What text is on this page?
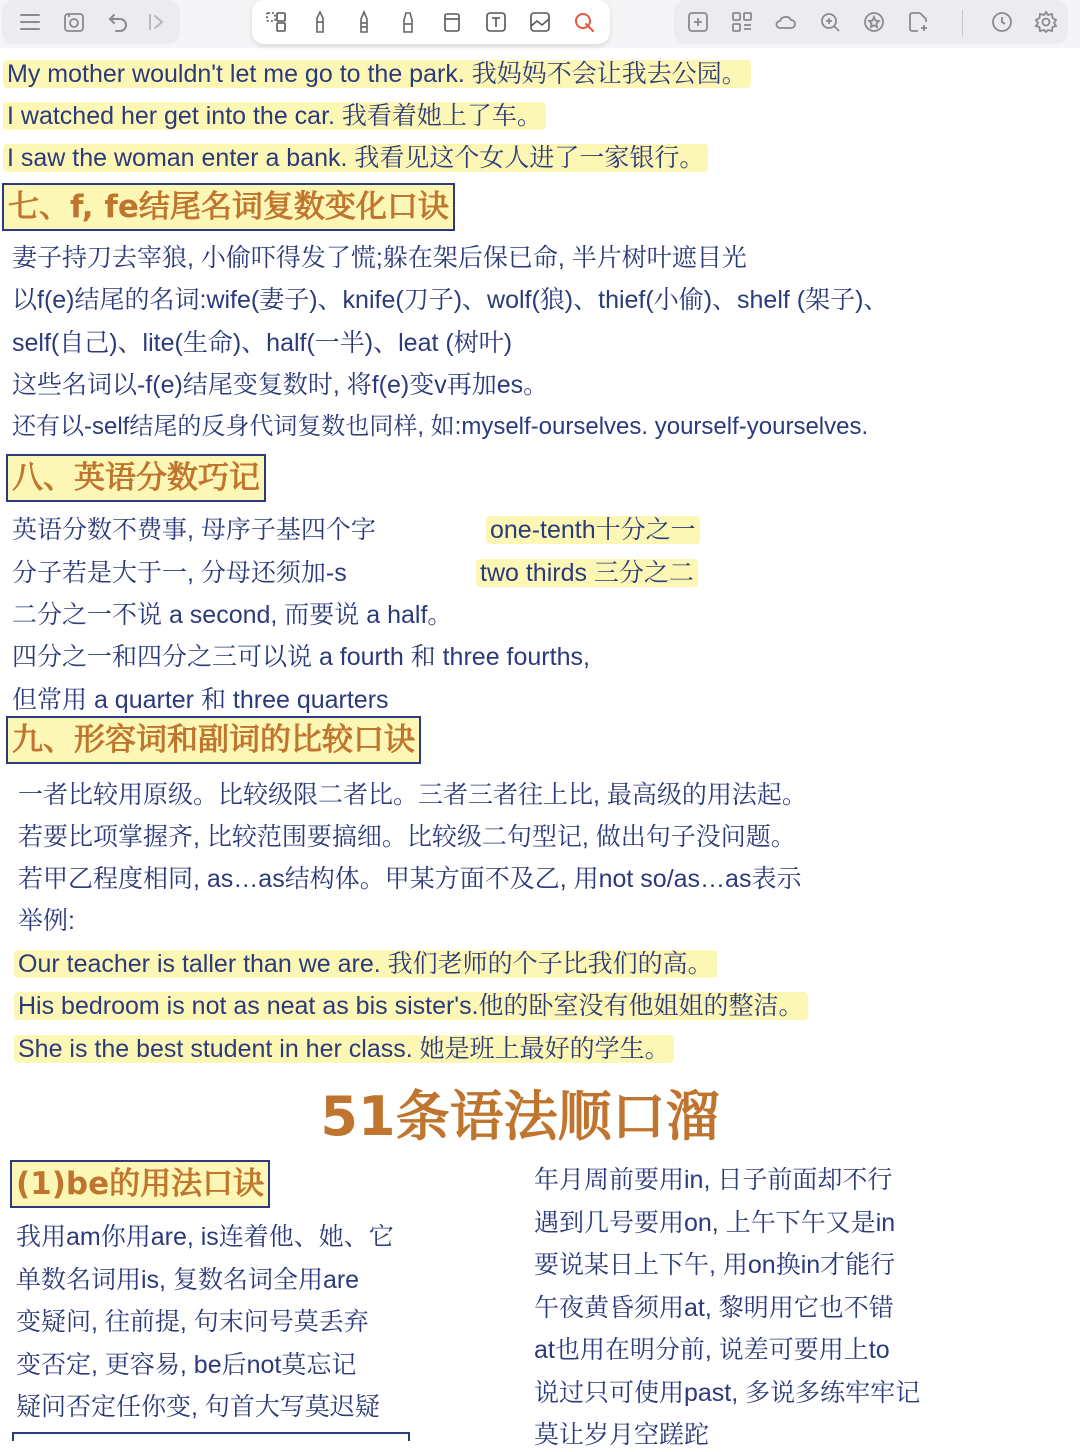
My mother wouldn't let me go to the park. 我妈妈不会让我去公园。
I watched her get into the car. 我看着她上了车。
I saw the woman enter a bank. 我看见这个女人进了一家银行。
七、f, fe结尾名词复数变化口诀
妻子持刀去宰狼, 小偷吓得发了慌;躲在架后保已命, 半片树叶遮目光
以f(e)结尾的名词:wife(妻子)、knife(刀子)、wolf(狼)、thief(小偷)、shelf (架子)、
self(自己)、lite(生命)、half(一半)、leat (树叶)
这些名词以-f(e)结尾变复数时, 将f(e)变v再加es。
还有以-self结尾的反身代词复数也同样, 如:myself-ourselves. yourself-yourselves.
八、英语分数巧记
英语分数不费事, 母序子基四个字	one-tenth十分之一
分子若是大于一, 分母还须加-s	two thirds 三分之二
二分之一不说 a second, 而要说 a half。
四分之一和四分之三可以说 a fourth 和 three fourths,
但常用 a quarter 和 three quarters
九、形容词和副词的比较口诀
一者比较用原级。比较级限二者比。三者三者往上比, 最高级的用法起。
若要比项掌握齐, 比较范围要搞细。比较级二句型记, 做出句子没问题。
若甲乙程度相同, as…as结构体。甲某方面不及乙, 用not so/as…as表示
举例:
Our teacher is taller than we are. 我们老师的个子比我们的高。
His bedroom is not as neat as bis sister's.他的卧室没有他姐姐的整洁。
She is the best student in her class. 她是班上最好的学生。
51条语法顺口溜
(1)be的用法口诀
我用am你用are, is连着他、她、它
单数名词用is, 复数名词全用are
变疑问, 往前提, 句末问号莫丢弃
变否定, 更容易, be后not莫忘记
疑问否定任你变, 句首大写莫迟疑
年月周前要用in, 日子前面却不行
遇到几号要用on, 上午下午又是in
要说某日上下午, 用on换in才能行
午夜黄昏须用at, 黎明用它也不错
at也用在明分前, 说差可要用上to
说过只可使用past, 多说多练牢牢记
莫让岁月空蹉跎
